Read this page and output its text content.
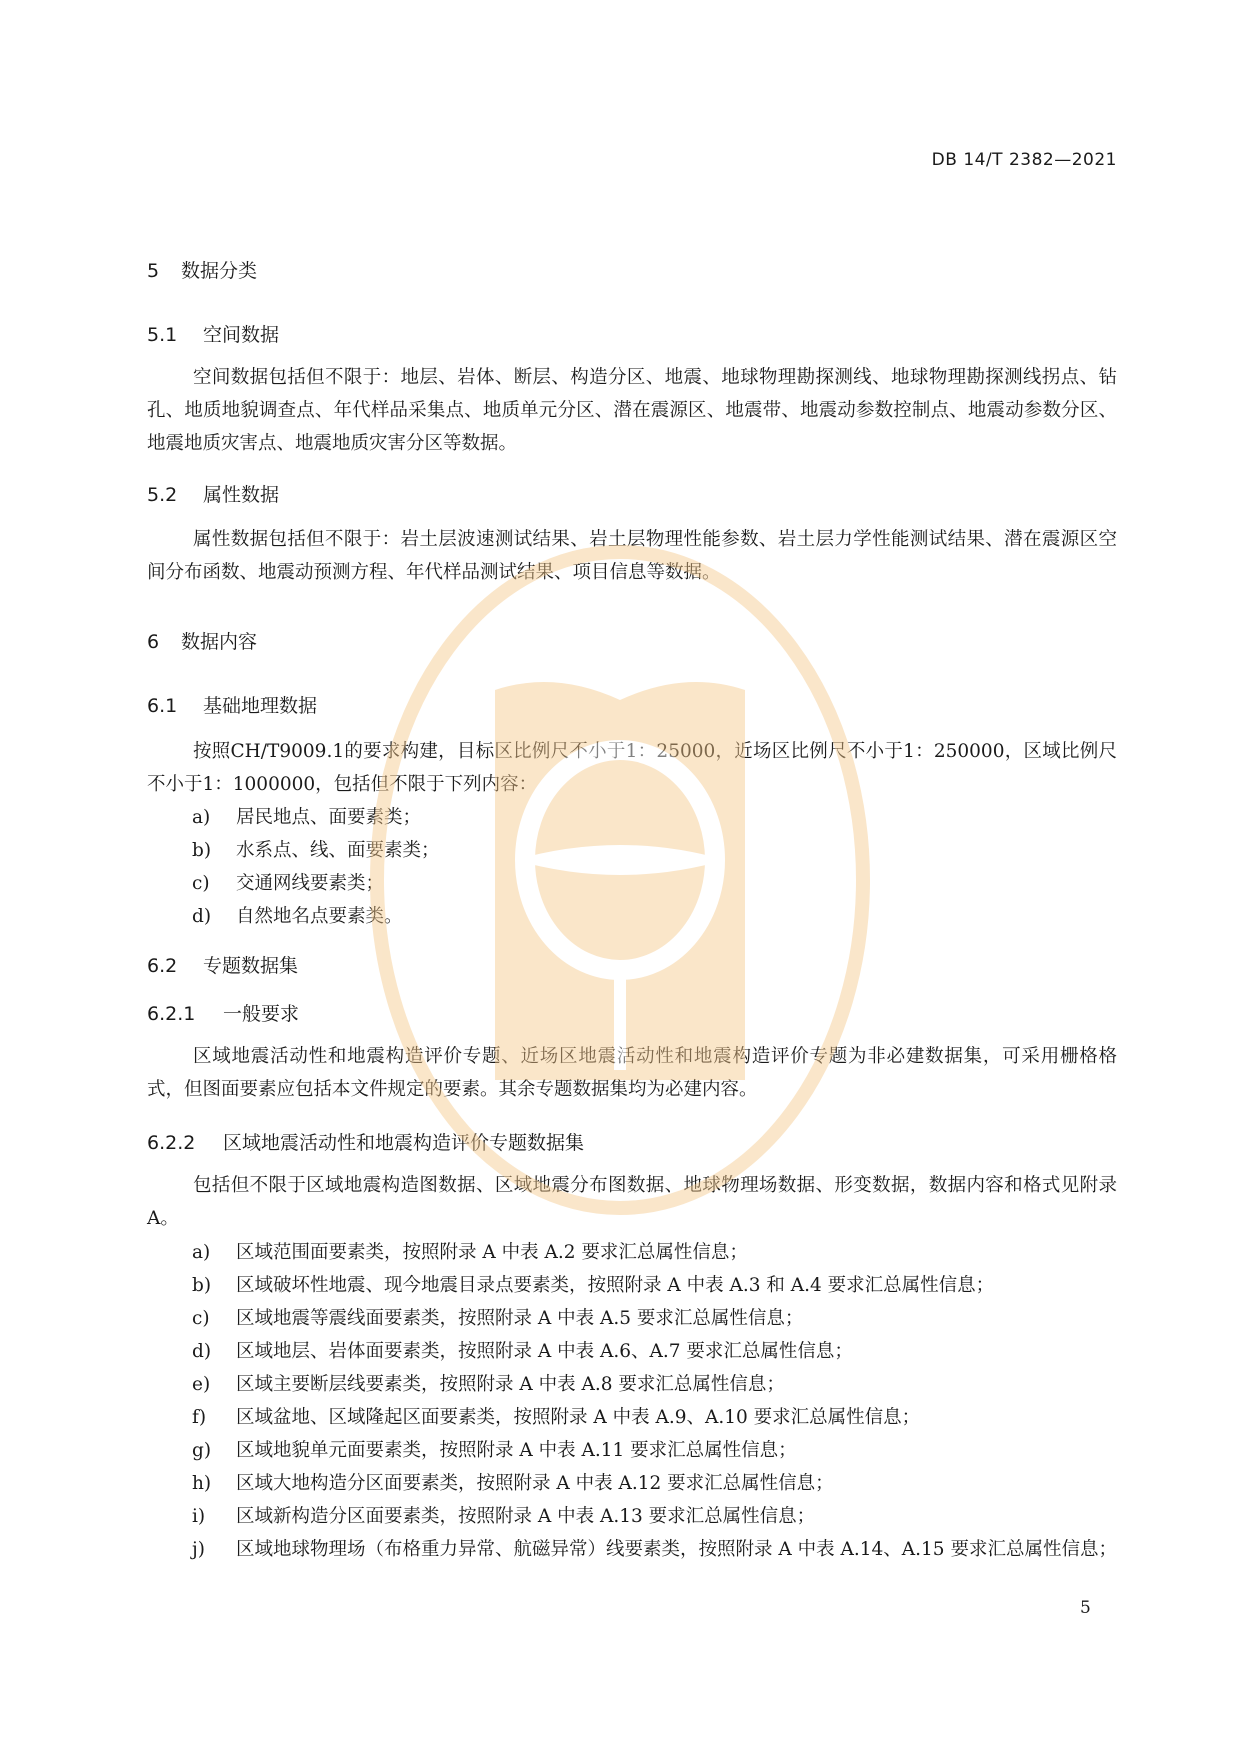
DB 14/T 2382—2021
5 数据分类
5.1 空间数据
空间数据包括但不限于：地层、岩体、断层、构造分区、地震、地球物理勘探测线、地球物理勘探测线拐点、钻孔、地质地貌调查点、年代样品采集点、地质单元分区、潜在震源区、地震带、地震动参数控制点、地震动参数分区、地震地质灾害点、地震地质灾害分区等数据。
5.2 属性数据
属性数据包括但不限于：岩土层波速测试结果、岩土层物理性能参数、岩土层力学性能测试结果、潜在震源区空间分布函数、地震动预测方程、年代样品测试结果、项目信息等数据。
6 数据内容
6.1 基础地理数据
按照CH/T9009.1的要求构建，目标区比例尺不小于1：25000，近场区比例尺不小于1：250000，区域比例尺不小于1：1000000，包括但不限于下列内容：
a) 居民地点、面要素类；
b) 水系点、线、面要素类；
c) 交通网线要素类；
d) 自然地名点要素类。
6.2 专题数据集
6.2.1 一般要求
区域地震活动性和地震构造评价专题、近场区地震活动性和地震构造评价专题为非必建数据集，可采用栅格格式，但图面要素应包括本文件规定的要素。其余专题数据集均为必建内容。
6.2.2 区域地震活动性和地震构造评价专题数据集
包括但不限于区域地震构造图数据、区域地震分布图数据、地球物理场数据、形变数据，数据内容和格式见附录A。
a) 区域范围面要素类，按照附录 A 中表 A.2 要求汇总属性信息；
b) 区域破坏性地震、现今地震目录点要素类，按照附录 A 中表 A.3 和 A.4 要求汇总属性信息；
c) 区域地震等震线面要素类，按照附录 A 中表 A.5 要求汇总属性信息；
d) 区域地层、岩体面要素类，按照附录 A 中表 A.6、A.7 要求汇总属性信息；
e) 区域主要断层线要素类，按照附录 A 中表 A.8 要求汇总属性信息；
f) 区域盆地、区域隆起区面要素类，按照附录 A 中表 A.9、A.10 要求汇总属性信息；
g) 区域地貌单元面要素类，按照附录 A 中表 A.11 要求汇总属性信息；
h) 区域大地构造分区面要素类，按照附录 A 中表 A.12 要求汇总属性信息；
i) 区域新构造分区面要素类，按照附录 A 中表 A.13 要求汇总属性信息；
j) 区域地球物理场（布格重力异常、航磁异常）线要素类，按照附录 A 中表 A.14、A.15 要求汇总属性信息；
5
